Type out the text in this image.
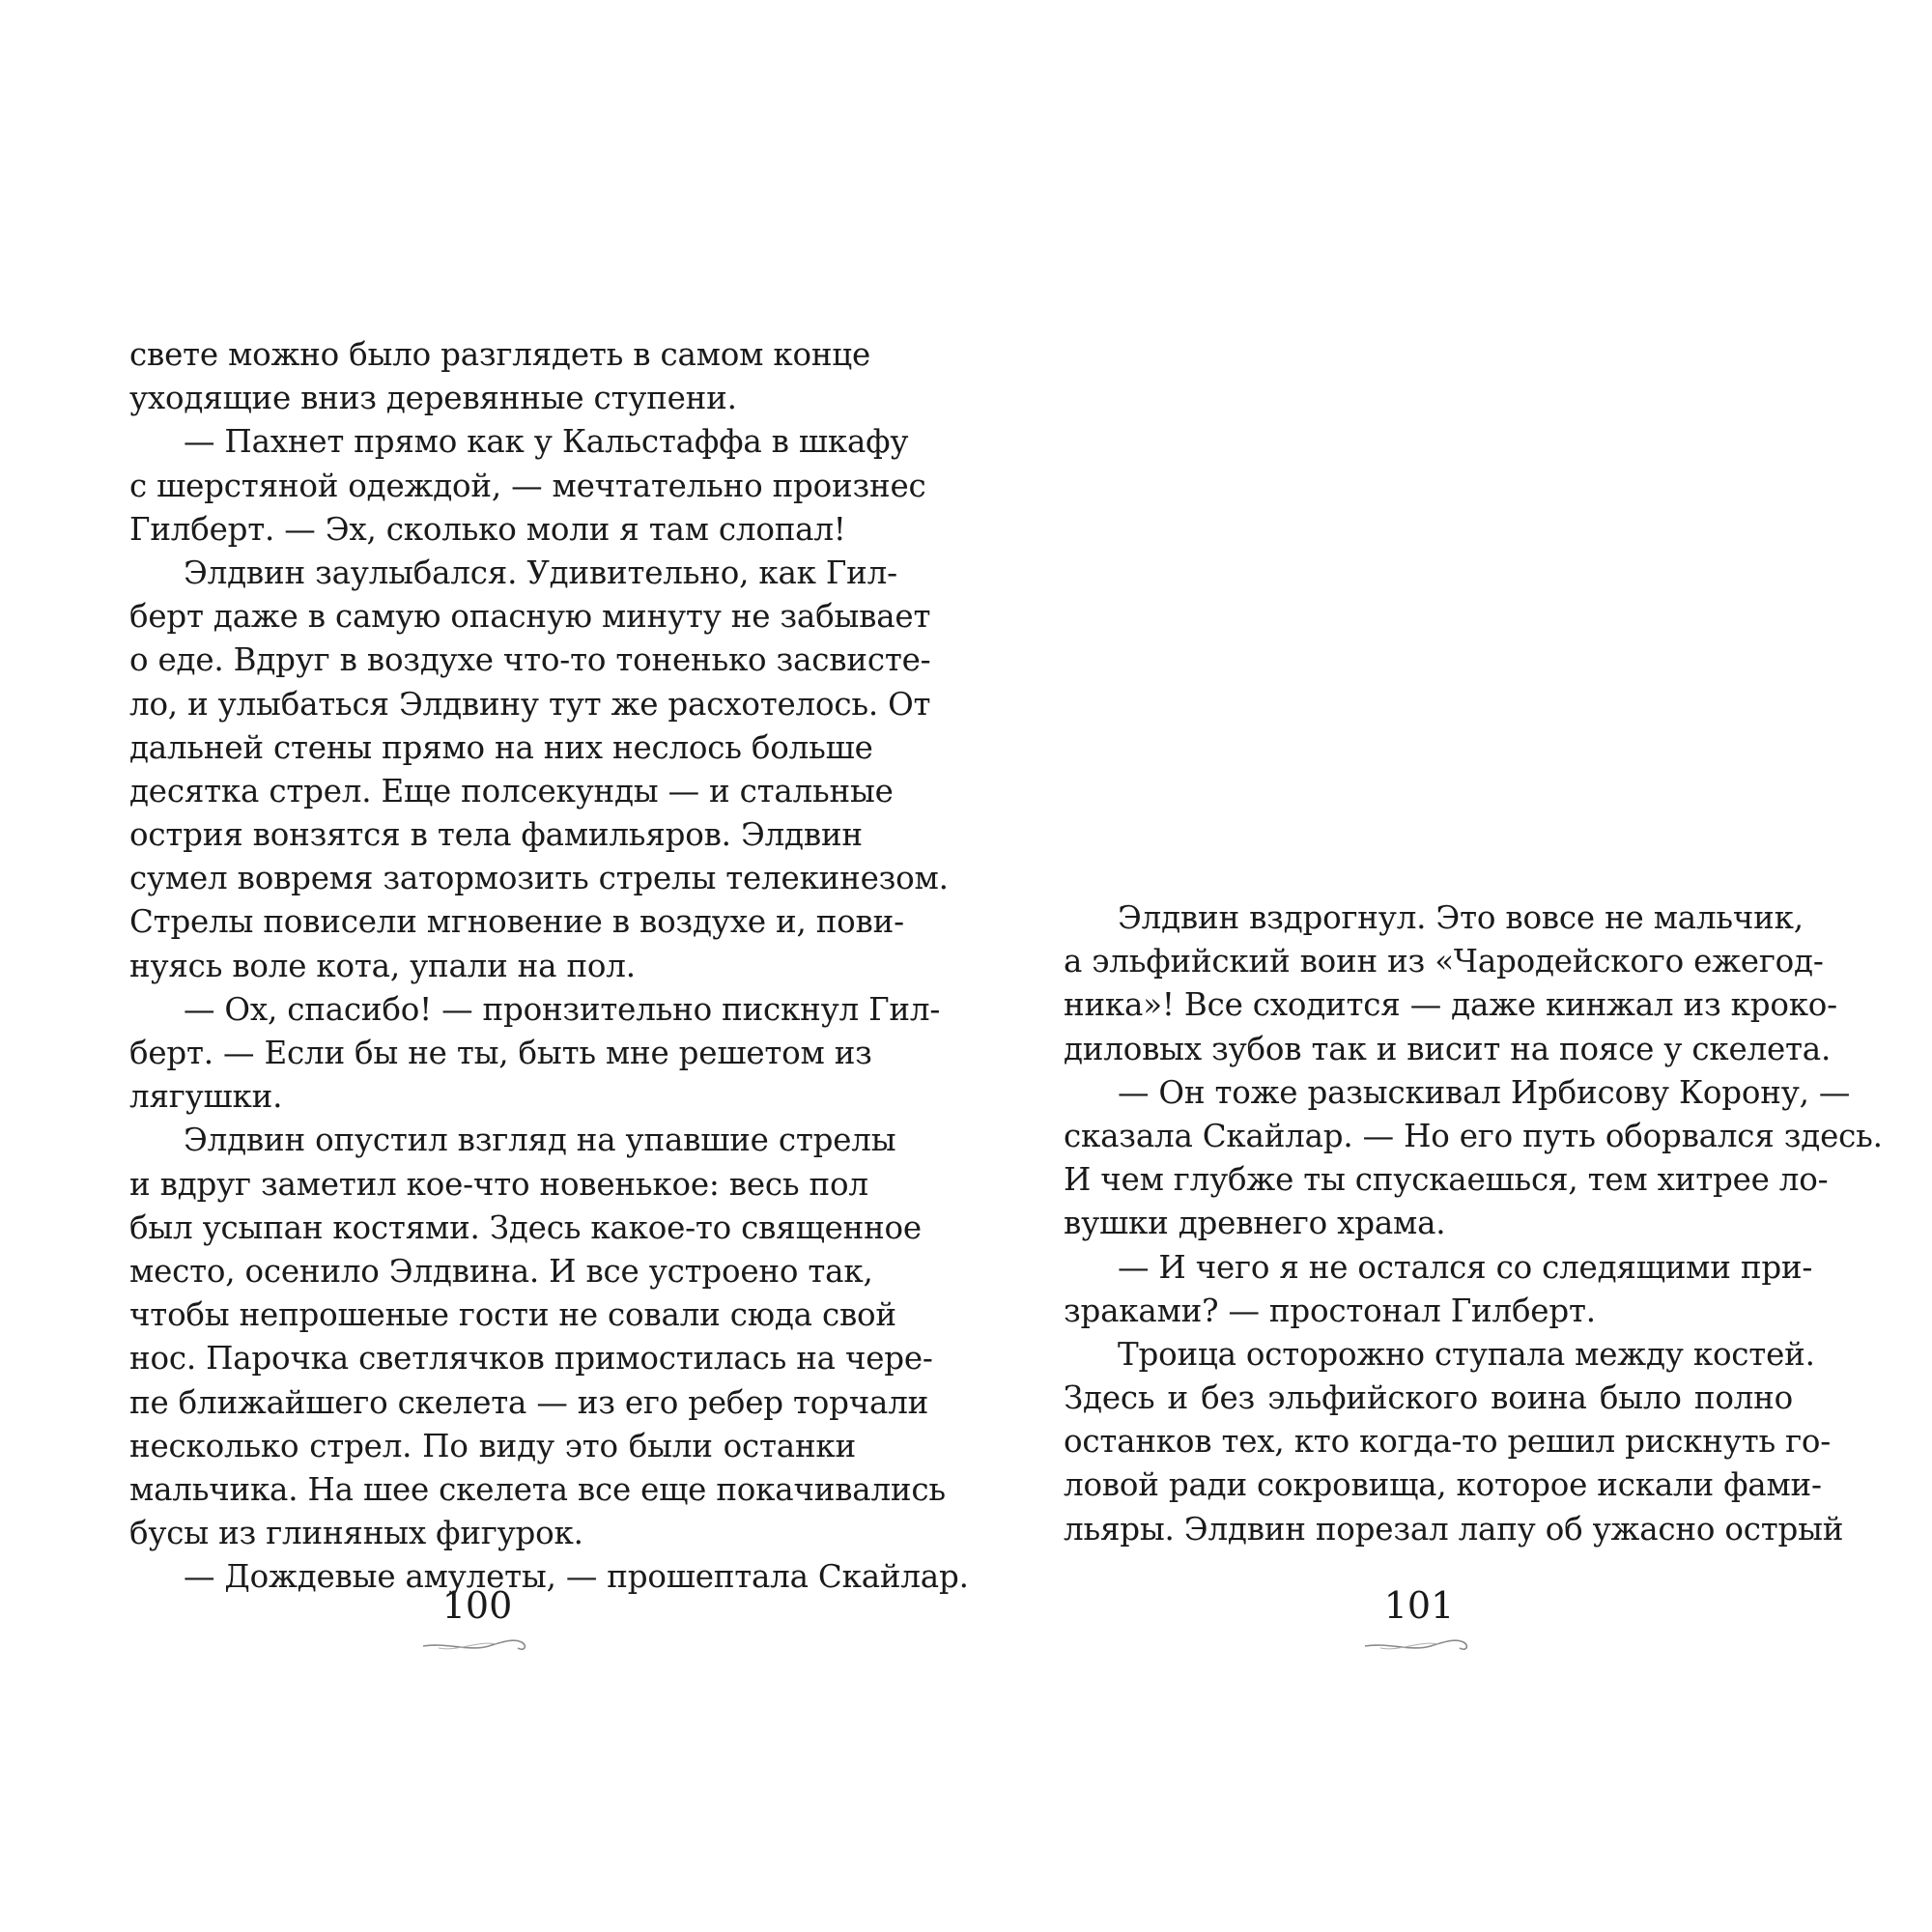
свете можно было разглядеть в самом конце
уходящие вниз деревянные ступени.
— Пахнет прямо как у Кальстаффа в шкафу
с шерстяной одеждой, — мечтательно произнес
Гилберт. — Эх, сколько моли я там слопал!
Элдвин заулыбался. Удивительно, как Гил-
берт даже в самую опасную минуту не забывает
о еде. Вдруг в воздухе что-то тоненько засвисте-
ло, и улыбаться Элдвину тут же расхотелось. От
дальней стены прямо на них неслось больше
десятка стрел. Еще полсекунды — и стальные
острия вонзятся в тела фамильяров. Элдвин
сумел вовремя затормозить стрелы телекинезом.
Стрелы повисели мгновение в воздухе и, пови-
нуясь воле кота, упали на пол.
— Ох, спасибо! — пронзительно пискнул Гил-
берт. — Если бы не ты, быть мне решетом из
лягушки.
Элдвин опустил взгляд на упавшие стрелы
и вдруг заметил кое-что новенькое: весь пол
был усыпан костями. Здесь какое-то священное
место, осенило Элдвина. И все устроено так,
чтобы непрошеные гости не совали сюда свой
нос. Парочка светлячков примостилась на чере-
пе ближайшего скелета — из его ребер торчали
несколько стрел. По виду это были останки
мальчика. На шее скелета все еще покачивались
бусы из глиняных фигурок.
— Дождевые амулеты, — прошептала Скайлар.
100
Элдвин вздрогнул. Это вовсе не мальчик,
а эльфийский воин из «Чародейского ежегод-
ника»! Все сходится — даже кинжал из кроко-
диловых зубов так и висит на поясе у скелета.
— Он тоже разыскивал Ирбисову Корону, —
сказала Скайлар. — Но его путь оборвался здесь.
И чем глубже ты спускаешься, тем хитрее ло-
вушки древнего храма.
— И чего я не остался со следящими при-
зраками? — простонал Гилберт.
Троица осторожно ступала между костей.
Здесь и без эльфийского воина было полно
останков тех, кто когда-то решил рискнуть го-
ловой ради сокровища, которое искали фами-
льяры. Элдвин порезал лапу об ужасно острый
101
